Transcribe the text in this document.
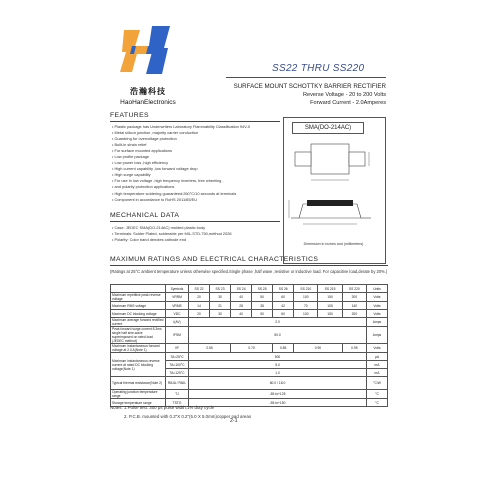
浩瀚科技
HaoHanElectronics
SS22 THRU SS220
SURFACE MOUNT SCHOTTKY BARRIER RECTIFIER
Reverse Voltage - 20 to 200 Volts
Forward Current - 2.0Amperes
FEATURES
• Plastic package has Underwriters Laboratory Flammability Classification 94V-0
• Metal silicon junction ,majority carrier conduction
• Guardring for overvoltage protection
• Built-in strain relief
• For surface mounted applications
• Low profile package
• Low power loss ,high efficiency
• High current capability ,low forward voltage drop
• High surge capability
• For use in low voltage ,high frequency inverters, free wheeling ,
• and polarity protection applications
• High temperature soldering guaranteed:260°C/10 seconds at terminals
• Component in accordance to RoHS 2011/65/EU
SMA(DO-214AC)
Dimension in inches and (millimeters)
MECHANICAL DATA
• Case: JEDEC SMA(DO-214AC) molded plastic body
• Terminals: Solder Plated, solderable per MIL-STD-750,method 2026
• Polarity: Color band denotes cathode end
MAXIMUM RATINGS AND ELECTRICAL CHARACTERISTICS
(Ratings at 25°C ambient temperature unless otherwise specified.Single phase ,half wave ,resistive or inductive load. For capacitive load,derate by 20%.)
	Symbols	SS 22	SS 23	SS 24	SS 25	SS 26	SS 210	SS 215	SS 220	Units
Maximum repetitive peak reverse voltage	VRRM	20	30	40	50	60	100	150	200	Volts
Maximum RMS voltage	VRMS	14	21	28	35	42	70	105	140	Volts
Maximum DC blocking voltage	VDC	20	30	40	50	60	100	150	200	Volts
Maximum average forward rectified current	I(AV)	2.0								Amps
Peak forward surge current 8.3ms single half sine-wave superimposed on rated load (JEDEC method)	IFSM	50.0								Amps
Maximum instantaneous forward voltage at 2.0 A(Note 1)	VF	0.55		0.70		0.85	0.90		0.95	Volts
Maximum instantaneous reverse current at rated DC blocking voltage(Note 1)	TA=25°C	500								μA
	TA=100°C	5.0								mA
	TA=125°C	1.0								mA
Typical thermal resistance(Note 2)	RθJA / RθJL	60.0 / 18.0								°C/W
Operating junction temperature range	TJ	-55 to+125								°C
Storage temperature range	TSTG	-55 to+150								°C
Notes: 1.Pulse test: 300 μs pulse width,1% duty cycle
2. P.C.B. mounted with 0.2"X 0.2"(5.0 X 5.0mm)copper pad areas
2-1
